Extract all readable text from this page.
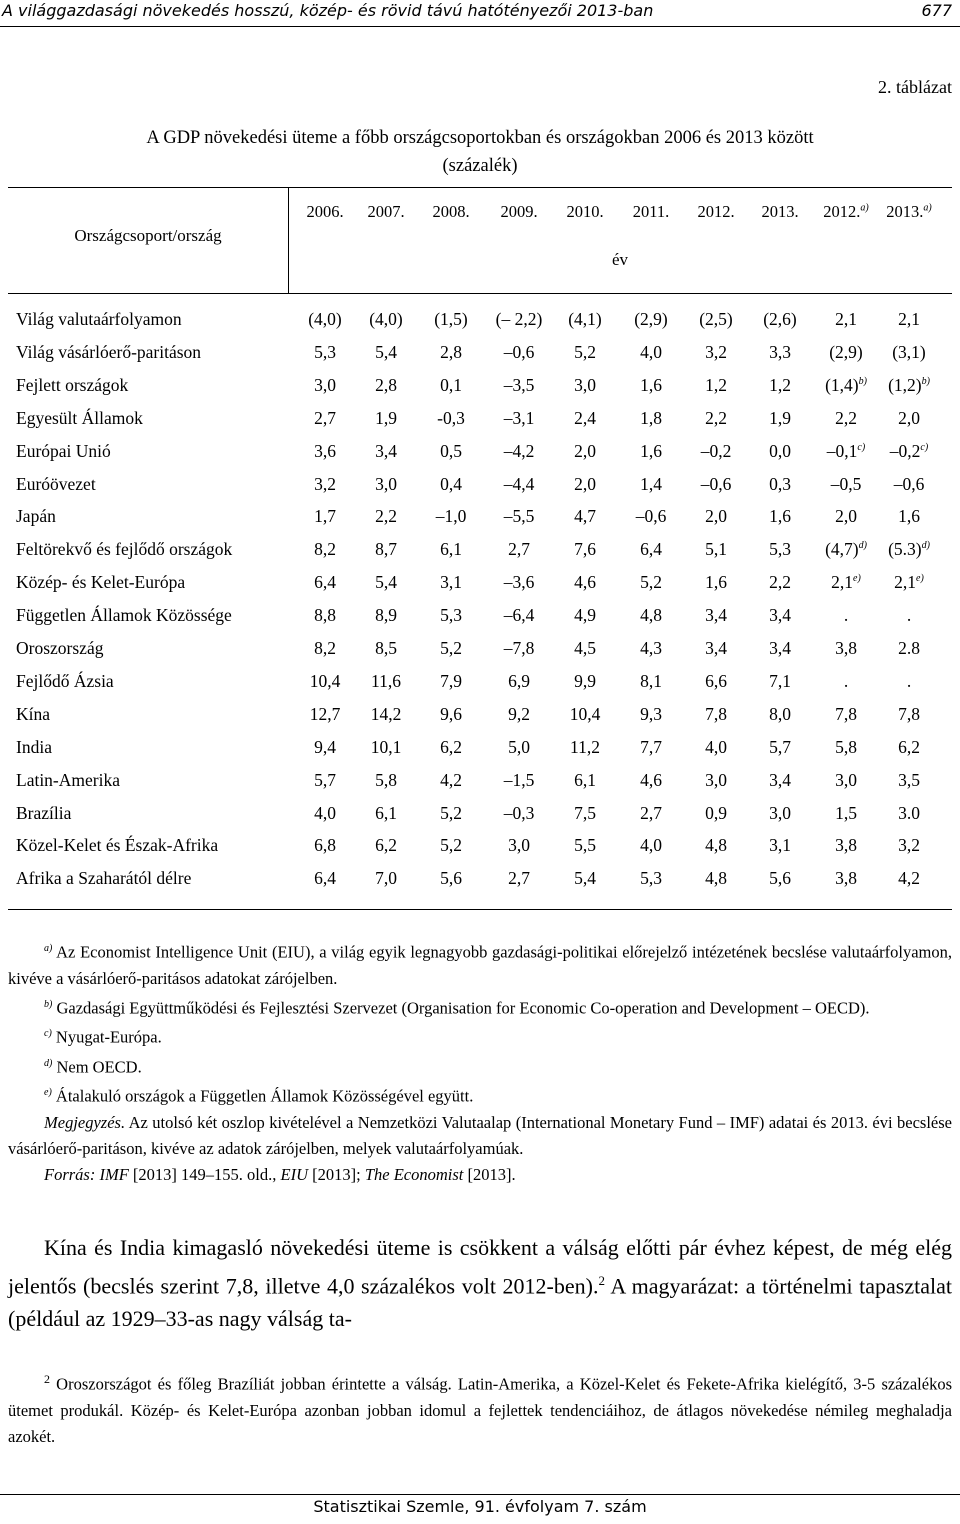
A világgazdasági növekedés hosszú, közép- és rövid távú hatótényezői 2013-ban	677
2. táblázat
A GDP növekedési üteme a főbb országcsoportokban és országokban 2006 és 2013 között
(százalék)
Országcsoport/ország
év
2006.	2007.	2008.	2009.	2010.	2011.	2012.	2013.	2012.$^{a)}$	2013.$^{a)}$
Világ valutaárfolyamon	(4,0)	(4,0)	(1,5)	(– 2,2)	(4,1)	(2,9)	(2,5)	(2,6)	2,1	2,1
Világ vásárlóerő-paritáson	5,3	5,4	2,8	–0,6	5,2	4,0	3,2	3,3	(2,9)	(3,1)
Fejlett országok	3,0	2,8	0,1	–3,5	3,0	1,6	1,2	1,2	$(1,4)^{b)}$	$(1,2)^{b)}$
Egyesült Államok	2,7	1,9	-0,3	–3,1	2,4	1,8	2,2	1,9	2,2	2,0
Európai Unió	3,6	3,4	0,5	–4,2	2,0	1,6	–0,2	0,0	–0,1$^{c)}$	–0,2$^{c)}$
Euróövezet	3,2	3,0	0,4	–4,4	2,0	1,4	–0,6	0,3	–0,5	–0,6
Japán	1,7	2,2	–1,0	–5,5	4,7	–0,6	2,0	1,6	2,0	1,6
Feltörekvő és fejlődő országok	8,2	8,7	6,1	2,7	7,6	6,4	5,1	5,3	$(4,7)^{d)}$	$(5.3)^{d)}$
Közép- és Kelet-Európa	6,4	5,4	3,1	–3,6	4,6	5,2	1,6	2,2	2,1$^{e)}$	2,1$^{e)}$
Független Államok Közössége	8,8	8,9	5,3	–6,4	4,9	4,8	3,4	3,4	.	.
Oroszország	8,2	8,5	5,2	–7,8	4,5	4,3	3,4	3,4	3,8	2.8
Fejlődő Ázsia	10,4	11,6	7,9	6,9	9,9	8,1	6,6	7,1	.	.
Kína	12,7	14,2	9,6	9,2	10,4	9,3	7,8	8,0	7,8	7,8
India	9,4	10,1	6,2	5,0	11,2	7,7	4,0	5,7	5,8	6,2
Latin-Amerika	5,7	5,8	4,2	–1,5	6,1	4,6	3,0	3,4	3,0	3,5
Brazília	4,0	6,1	5,2	–0,3	7,5	2,7	0,9	3,0	1,5	3.0
Közel-Kelet és Észak-Afrika	6,8	6,2	5,2	3,0	5,5	4,0	4,8	3,1	3,8	3,2
Afrika a Szaharától délre	6,4	7,0	5,6	2,7	5,4	5,3	4,8	5,6	3,8	4,2

$^{a)}$ Az Economist Intelligence Unit (EIU), a világ egyik legnagyobb gazdasági-politikai előrejelző intézetének becslése valutaárfolyamon, kivéve a vásárlóerő-paritásos adatokat zárójelben.

$^{b)}$ Gazdasági Együttműködési és Fejlesztési Szervezet (Organisation for Economic Co-operation and Development – OECD).

$^{c)}$ Nyugat-Európa.

$^{d)}$ Nem OECD.

$^{e)}$ Átalakuló országok a Független Államok Közösségével együtt.

Megjegyzés. Az utolsó két oszlop kivételével a Nemzetközi Valutaalap (International Monetary Fund – IMF) adatai és 2013. évi becslése vásárlóerő-paritáson, kivéve az adatok zárójelben, melyek valutaárfolyamúak.

Forrás: IMF [2013] 149–155. old., EIU [2013]; The Economist [2013].

Kína és India kimagasló növekedési üteme is csökkent a válság előtti pár évhez képest, de még elég jelentős (becslés szerint 7,8, illetve 4,0 százalékos volt 2012-ben).$^2$ A magyarázat: a történelmi tapasztalat (például az 1929–33-as nagy válság ta-

$^2$ Oroszországot és főleg Brazíliát jobban érintette a válság. Latin-Amerika, a Közel-Kelet és Fekete-Afrika kielégítő, 3-5 százalékos ütemet produkál. Közép- és Kelet-Európa azonban jobban idomul a fejlettek tendenciáihoz, de átlagos növekedése némileg meghaladja azokét.

Statisztikai Szemle, 91. évfolyam 7. szám
